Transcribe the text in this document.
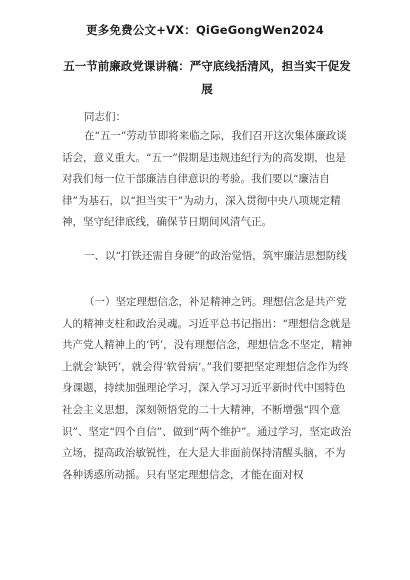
更多免费公文+VX：QiGeGongWen2024
五一节前廉政党课讲稿：严守底线括清风，担当实干促发展
同志们：
在“五一”劳动节即将来临之际，我们召开这次集体廉政谈话会，意义重大。“五一”假期是违规违纪行为的高发期，也是对我们每一位干部廉洁自律意识的考验。我们要以“廉洁自律”为基石，以“担当实干”为动力，深入贯彻中央八项规定精神，坚守纪律底线，确保节日期间风清气正。
一、以“打铁还需自身硬”的政治觉悟，筑牢廉洁思想防线
（一）坚定理想信念，补足精神之钙。理想信念是共产党人的精神支柱和政治灵魂。习近平总书记指出：“理想信念就是共产党人精神上的‘钙’，没有理想信念，理想信念不坚定，精神上就会‘缺钙’，就会得‘软骨病’。”我们要把坚定理想信念作为终身课题，持续加强理论学习，深入学习习近平新时代中国特色社会主义思想，深刻领悟党的二十大精神，不断增强“四个意识”、坚定“四个自信”、做到“两个维护”。通过学习，坚定政治立场，提高政治敏锐性，在大是大非面前保持清醒头脑，不为各种诱惑所动摇。只有坚定理想信念，才能在面对权
